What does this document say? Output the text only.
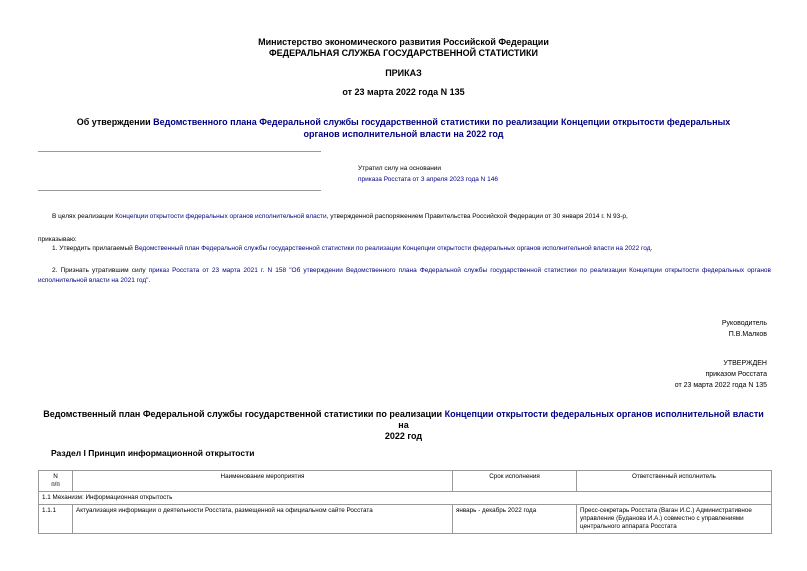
Министерство экономического развития Российской Федерации
ФЕДЕРАЛЬНАЯ СЛУЖБА ГОСУДАРСТВЕННОЙ СТАТИСТИКИ
ПРИКАЗ
от 23 марта 2022 года N 135
Об утверждении Ведомственного плана Федеральной службы государственной статистики по реализации Концепции открытости федеральных органов исполнительной власти на 2022 год
Утратил силу на основании
приказа Росстата от 3 апреля 2023 года N 146
В целях реализации Концепции открытости федеральных органов исполнительной власти, утвержденной распоряжением Правительства Российской Федерации от 30 января 2014 г. N 93-р,
приказываю:
1. Утвердить прилагаемый Ведомственный план Федеральной службы государственной статистики по реализации Концепции открытости федеральных органов исполнительной власти на 2022 год.
2. Признать утратившим силу приказ Росстата от 23 марта 2021 г. N 158 "Об утверждении Ведомственного плана Федеральной службы государственной статистики по реализации Концепции открытости федеральных органов исполнительной власти на 2021 год".
Руководитель
П.В.Малков
УТВЕРЖДЕН
приказом Росстата
от 23 марта 2022 года N 135
Ведомственный план Федеральной службы государственной статистики по реализации Концепции открытости федеральных органов исполнительной власти на
2022 год
Раздел I Принцип информационной открытости
N
п/п	Наименование мероприятия	Срок исполнения	Ответственный исполнитель
1.1 Механизм: Информационная открытость			
1.1.1	Актуализация информации о деятельности Росстата, размещенной на официальном сайте Росстата	январь - декабрь 2022 года	Пресс-секретарь Росстата (Ваган И.С.) Административное управление (Буданова И.А.) совместно с управлениями центрального аппарата Росстата
